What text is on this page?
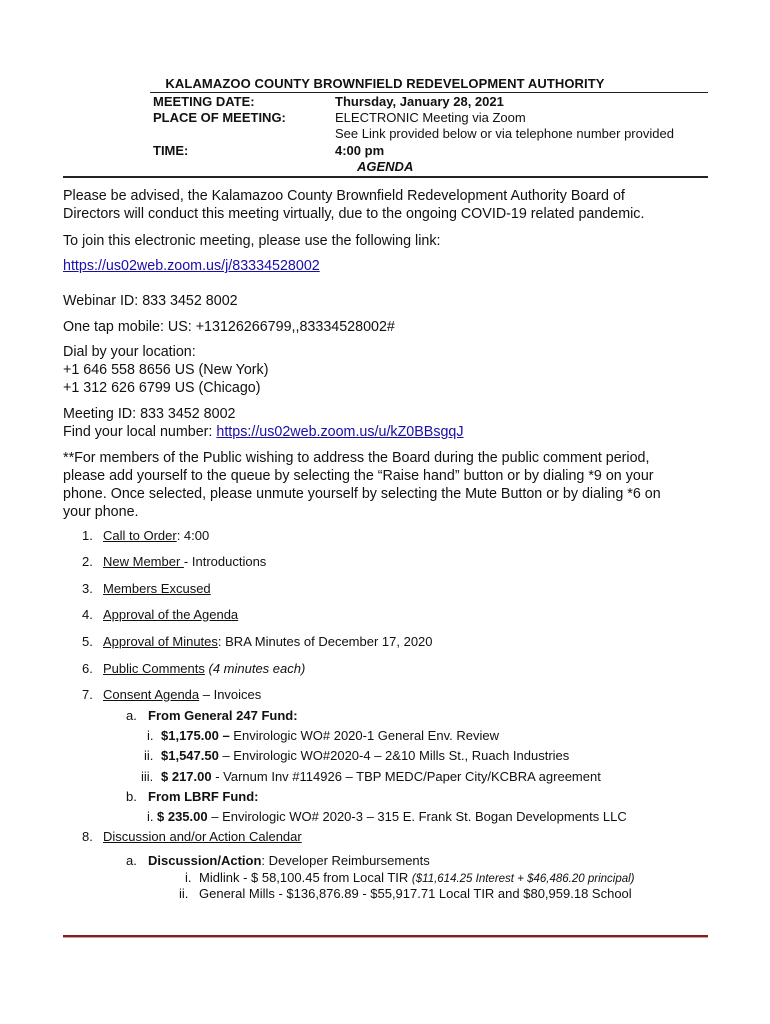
KALAMAZOO COUNTY BROWNFIELD REDEVELOPMENT AUTHORITY
MEETING DATE:	Thursday, January 28, 2021
PLACE OF MEETING:	ELECTRONIC Meeting via Zoom
See Link provided below or via telephone number provided
TIME:	4:00 pm
AGENDA
Please be advised, the Kalamazoo County Brownfield Redevelopment Authority Board of
Directors will conduct this meeting virtually, due to the ongoing COVID-19 related pandemic.
To join this electronic meeting, please use the following link:
https://us02web.zoom.us/j/83334528002
Webinar ID: 833 3452 8002
One tap mobile: US: +13126266799,,83334528002#
Dial by your location:
+1 646 558 8656 US (New York)
+1 312 626 6799 US (Chicago)
Meeting ID: 833 3452 8002
Find your local number: https://us02web.zoom.us/u/kZ0BBsgqJ
**For members of the Public wishing to address the Board during the public comment period,
please add yourself to the queue by selecting the “Raise hand” button or by dialing *9 on your
phone. Once selected, please unmute yourself by selecting the Mute Button or by dialing *6 on
your phone.
1. Call to Order: 4:00
2. New Member - Introductions
3. Members Excused
4. Approval of the Agenda
5. Approval of Minutes: BRA Minutes of December 17, 2020
6. Public Comments (4 minutes each)
7. Consent Agenda – Invoices
a. From General 247 Fund:
i. $1,175.00 – Envirologic WO# 2020-1 General Env. Review
ii. $1,547.50 – Envirologic WO#2020-4 – 2&10 Mills St., Ruach Industries
iii. $ 217.00 - Varnum Inv #114926 – TBP MEDC/Paper City/KCBRA agreement
b. From LBRF Fund:
i. $ 235.00 – Envirologic WO# 2020-3 – 315 E. Frank St. Bogan Developments LLC
8. Discussion and/or Action Calendar
a. Discussion/Action: Developer Reimbursements
i. Midlink - $ 58,100.45 from Local TIR ($11,614.25 Interest + $46,486.20 principal)
ii. General Mills - $136,876.89 - $55,917.71 Local TIR and $80,959.18 School
